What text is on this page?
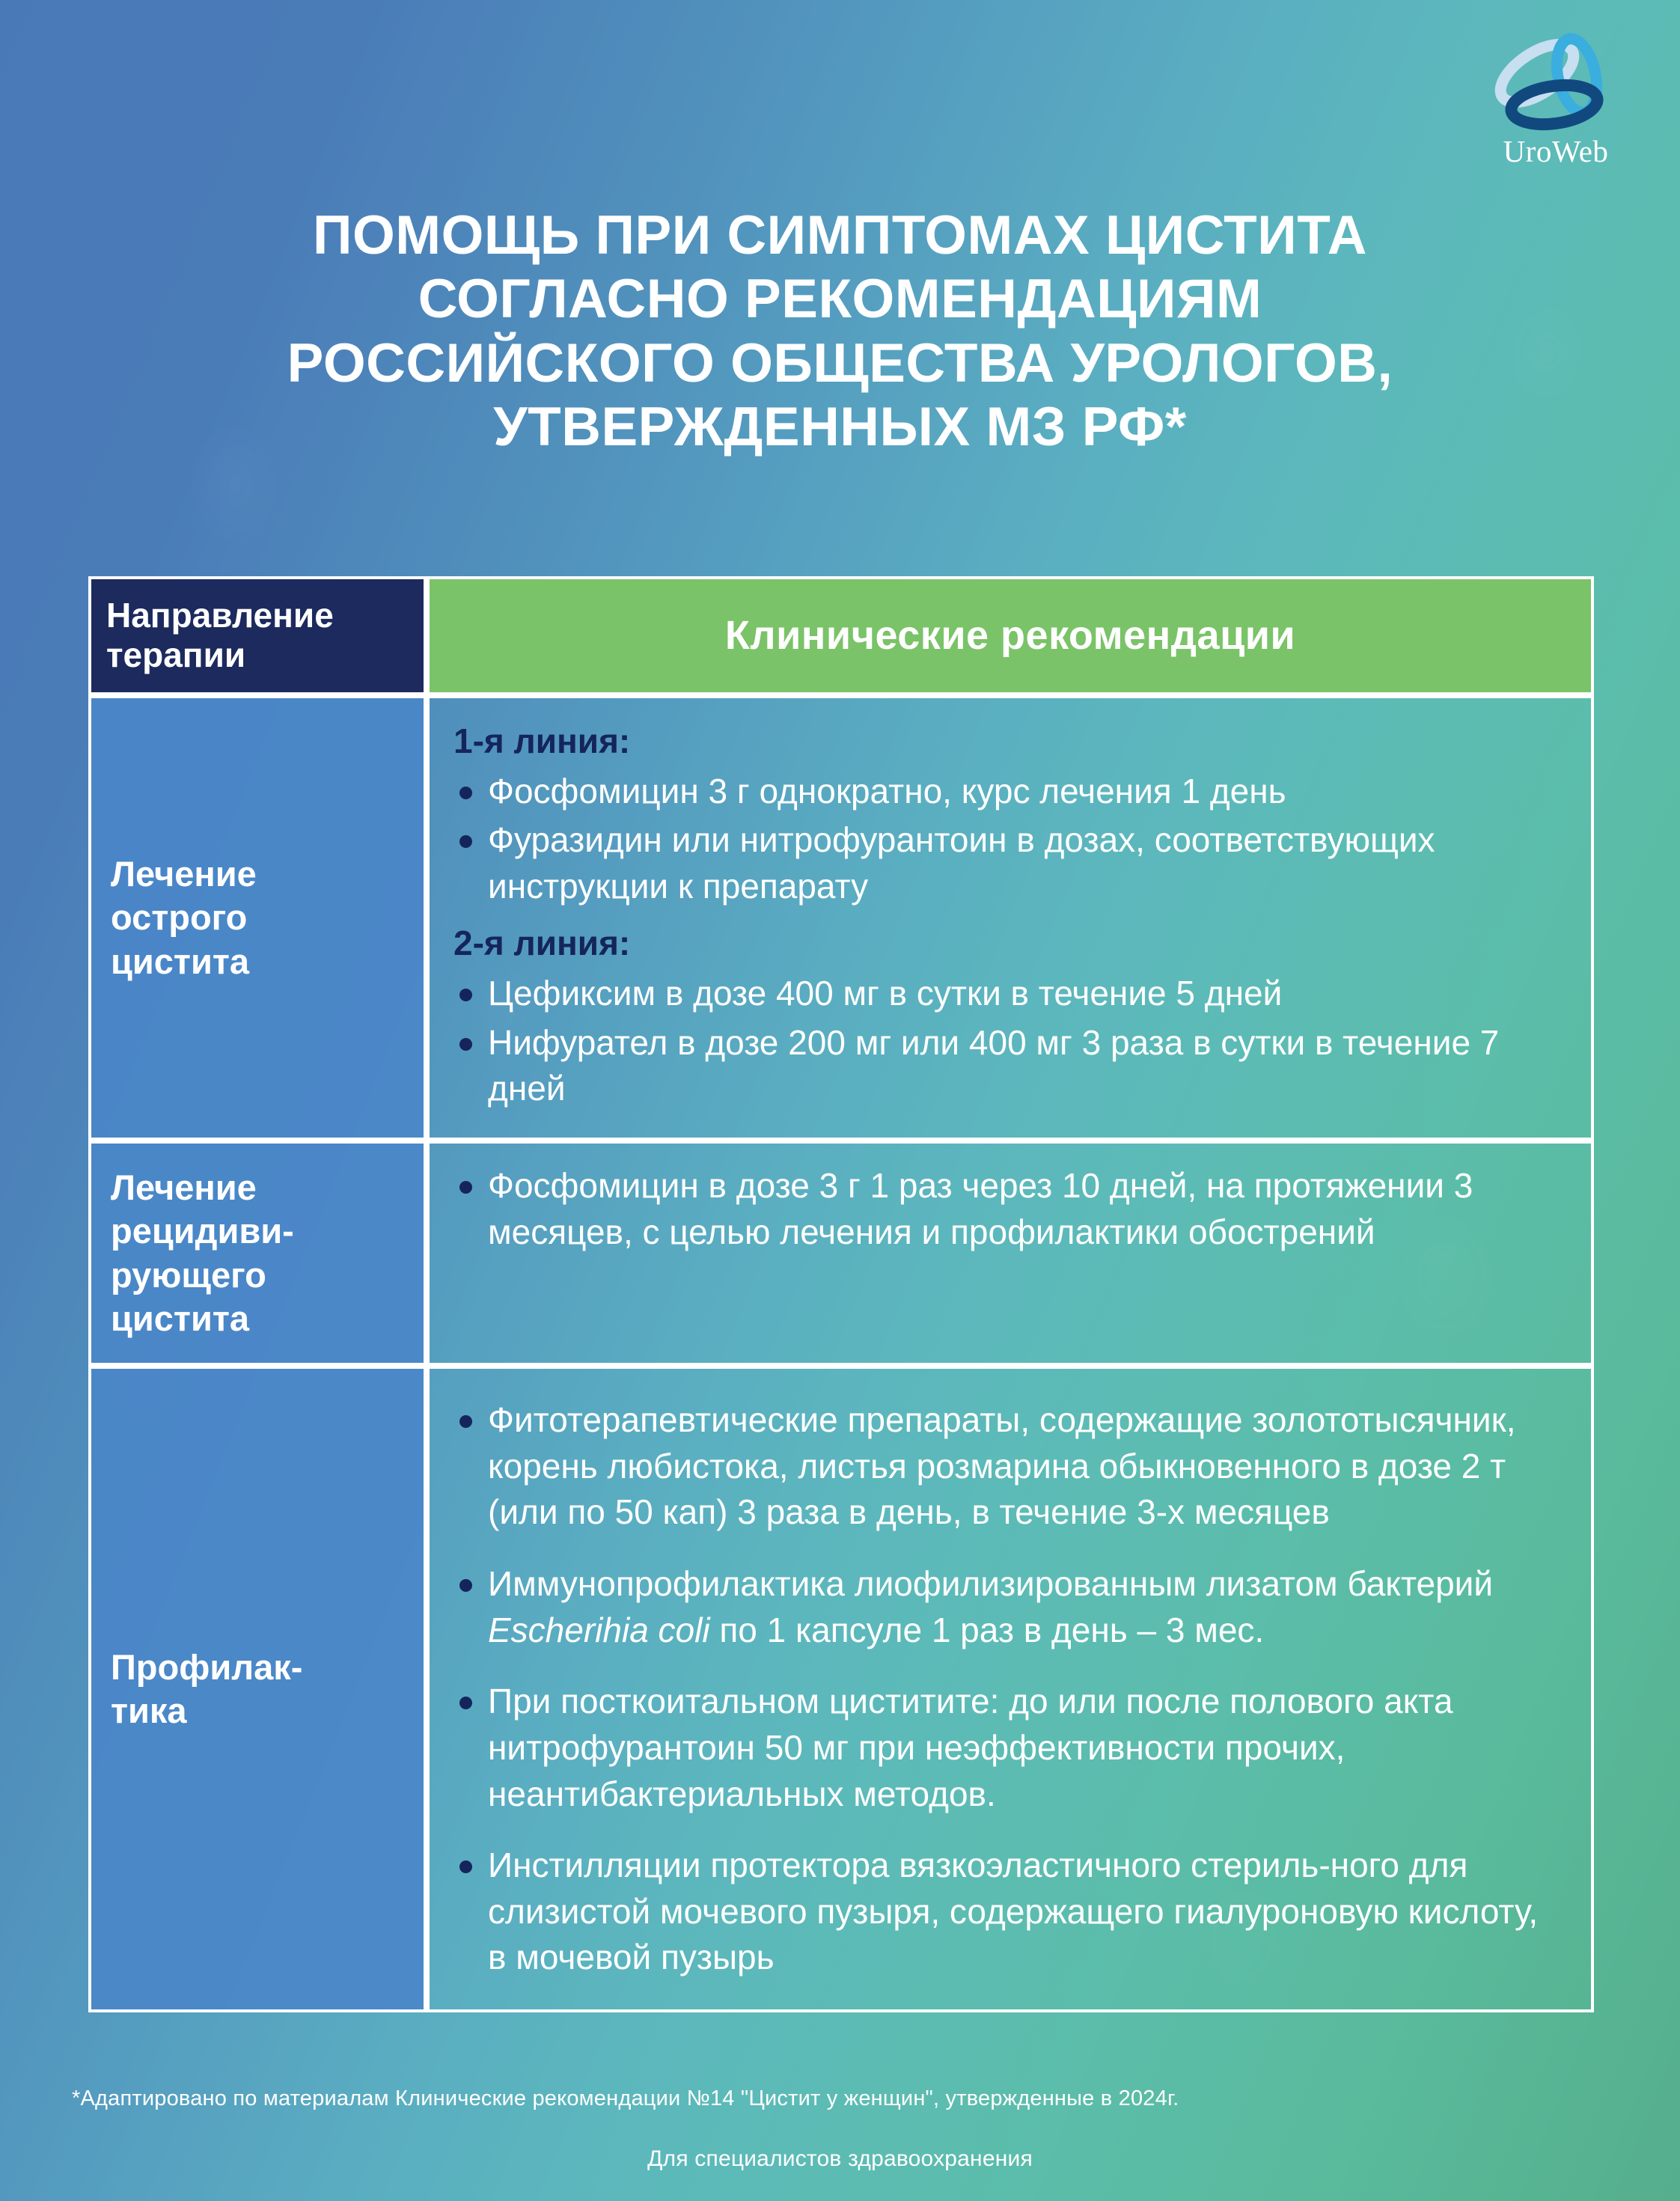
UroWeb
ПОМОЩЬ ПРИ СИМПТОМАХ ЦИСТИТА
СОГЛАСНО РЕКОМЕНДАЦИЯМ
РОССИЙСКОГО ОБЩЕСТВА УРОЛОГОВ,
УТВЕРЖДЕННЫХ МЗ РФ*
Направление
терапии	Клинические рекомендации
Лечение
острого
цистита
1-я линия:
Фосфомицин 3 г однократно, курс лечения 1 день
Фуразидин или нитрофурантоин в дозах, соответствующих инструкции к препарату
2-я линия:
Цефиксим в дозе 400 мг в сутки в течение 5 дней
Нифурател в дозе 200 мг или 400 мг 3 раза в сутки в течение 7 дней
Лечение
рецидиви-
рующего
цистита
Фосфомицин в дозе 3 г 1 раз через 10 дней, на протяжении 3 месяцев, с целью лечения и профилактики обострений
Профилак-
тика
Фитотерапевтические препараты, содержащие золототысячник, корень любистока, листья розмарина обыкновенного в дозе 2 т (или по 50 кап) 3 раза в день, в течение 3-х месяцев
Иммунопрофилактика лиофилизированным лизатом бактерий Escherihia coli по 1 капсуле 1 раз в день – 3 мес.
При посткоитальном циститите: до или после полового акта нитрофурантоин 50 мг при неэффективности прочих, неантибактериальных методов.
Инстилляции протектора вязкоэластичного стериль-ного для слизистой мочевого пузыря, содержащего гиалуроновую кислоту, в мочевой пузырь
*Адаптировано по материалам Клинические рекомендации №14 "Цистит у женщин", утвержденные в 2024г.
Для специалистов здравоохранения
